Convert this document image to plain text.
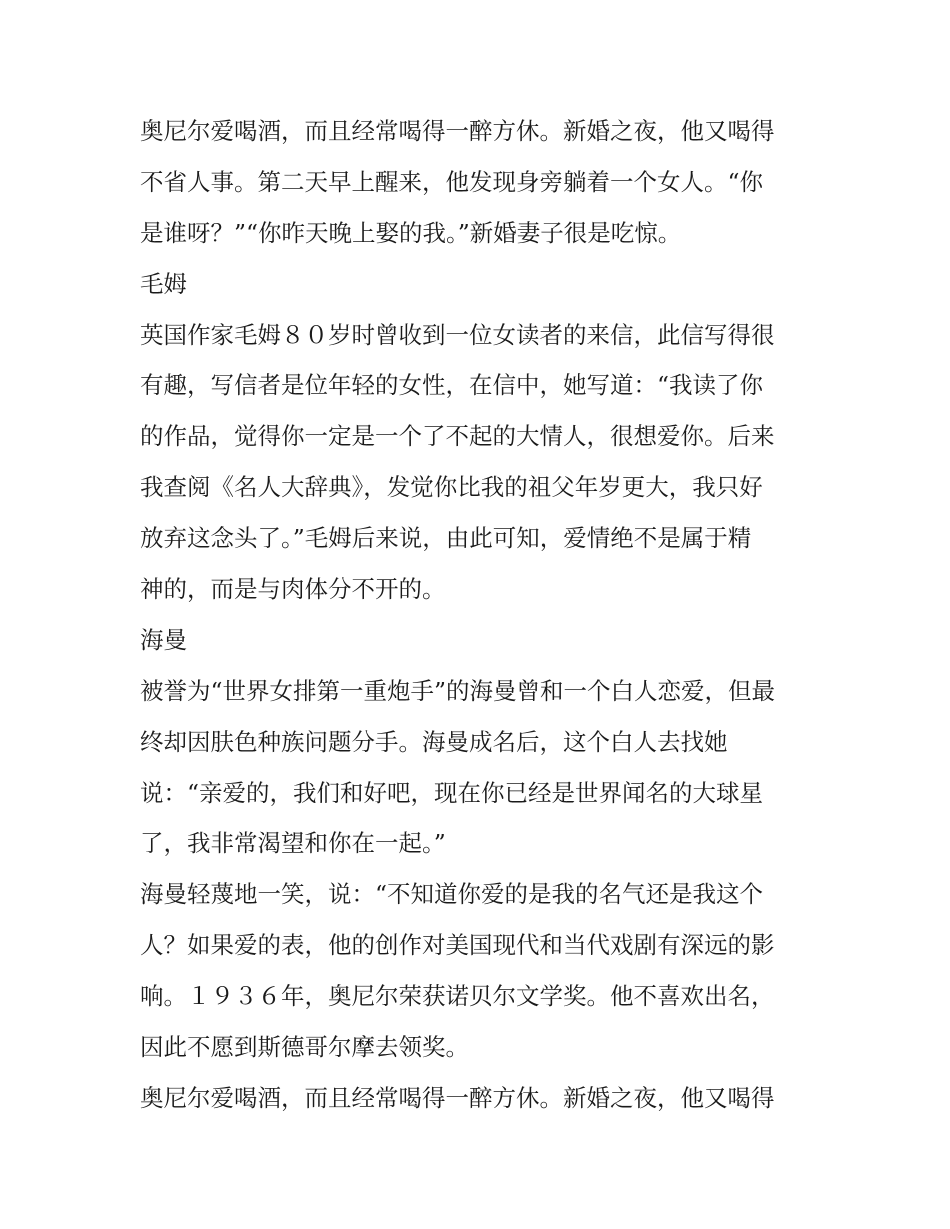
奥尼尔爱喝酒，而且经常喝得一醉方休。新婚之夜，他又喝得
不省人事。第二天早上醒来，他发现身旁躺着一个女人。“你
是谁呀？”“你昨天晚上娶的我。”新婚妻子很是吃惊。
毛姆
英国作家毛姆８０岁时曾收到一位女读者的来信，此信写得很
有趣，写信者是位年轻的女性，在信中，她写道：“我读了你
的作品，觉得你一定是一个了不起的大情人，很想爱你。后来
我查阅《名人大辞典》，发觉你比我的祖父年岁更大，我只好
放弃这念头了。”毛姆后来说，由此可知，爱情绝不是属于精
神的，而是与肉体分不开的。
海曼
被誉为“世界女排第一重炮手”的海曼曾和一个白人恋爱，但最
终却因肤色种族问题分手。海曼成名后，这个白人去找她
说：“亲爱的，我们和好吧，现在你已经是世界闻名的大球星
了，我非常渴望和你在一起。”
海曼轻蔑地一笑，说：“不知道你爱的是我的名气还是我这个
人？如果爱的表，他的创作对美国现代和当代戏剧有深远的影
响。１９３６年，奥尼尔荣获诺贝尔文学奖。他不喜欢出名，
因此不愿到斯德哥尔摩去领奖。
奥尼尔爱喝酒，而且经常喝得一醉方休。新婚之夜，他又喝得
